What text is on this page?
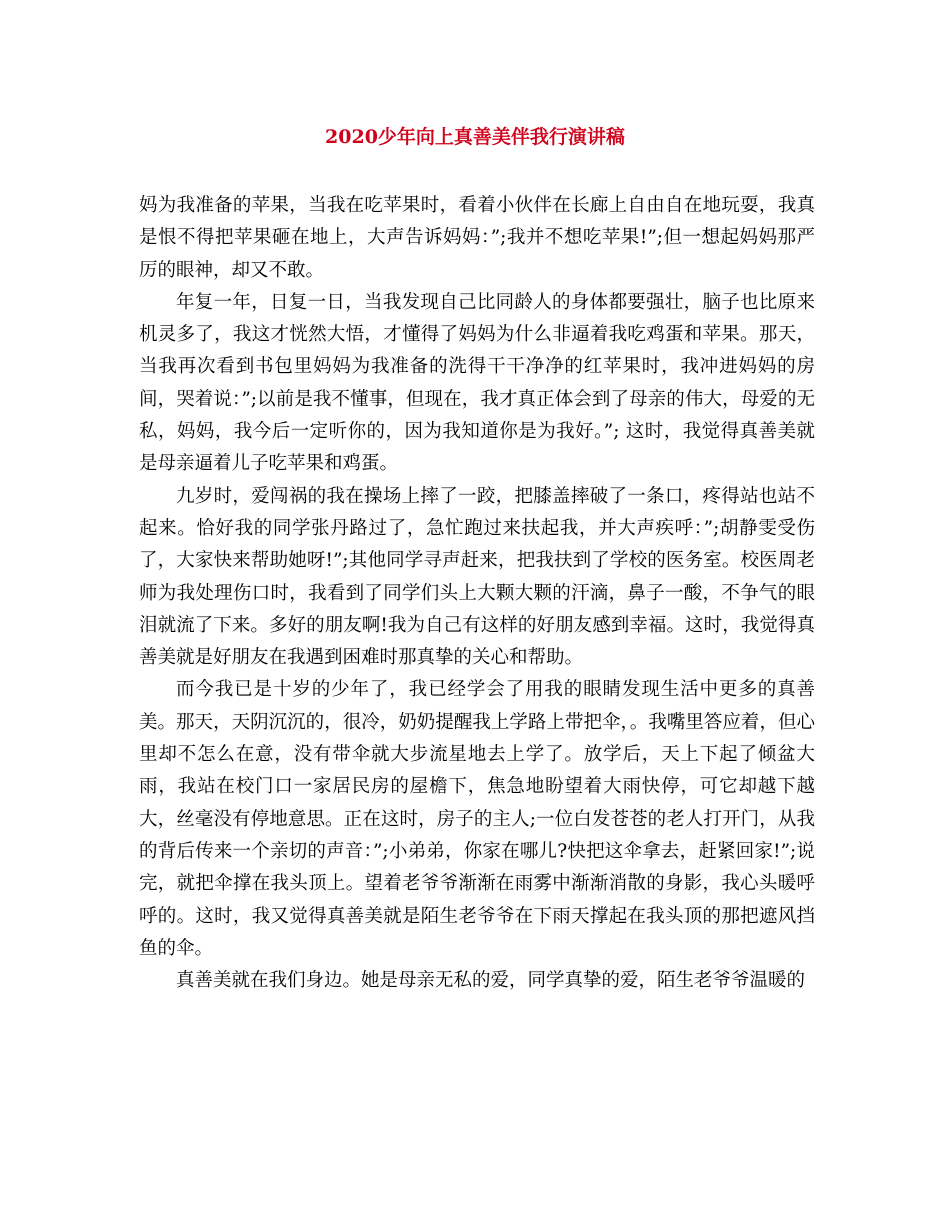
2020少年向上真善美伴我行演讲稿

妈为我准备的苹果，当我在吃苹果时，看着小伙伴在长廊上自由自在地玩耍，我真是恨不得把苹果砸在地上，大声告诉妈妈：”;我并不想吃苹果!”;但一想起妈妈那严厉的眼神，却又不敢。

年复一年，日复一日，当我发现自己比同龄人的身体都要强壮，脑子也比原来机灵多了，我这才恍然大悟，才懂得了妈妈为什么非逼着我吃鸡蛋和苹果。那天，当我再次看到书包里妈妈为我准备的洗得干干净净的红苹果时，我冲进妈妈的房间，哭着说：”;以前是我不懂事，但现在，我才真正体会到了母亲的伟大，母爱的无私，妈妈，我今后一定听你的，因为我知道你是为我好。”; 这时，我觉得真善美就是母亲逼着儿子吃苹果和鸡蛋。

九岁时，爱闯祸的我在操场上摔了一跤，把膝盖摔破了一条口，疼得站也站不起来。恰好我的同学张丹路过了，急忙跑过来扶起我，并大声疾呼：”;胡静雯受伤了，大家快来帮助她呀!”;其他同学寻声赶来，把我扶到了学校的医务室。校医周老师为我处理伤口时，我看到了同学们头上大颗大颗的汗滴，鼻子一酸，不争气的眼泪就流了下来。多好的朋友啊!我为自己有这样的好朋友感到幸福。这时，我觉得真善美就是好朋友在我遇到困难时那真挚的关心和帮助。

而今我已是十岁的少年了，我已经学会了用我的眼睛发现生活中更多的真善美。那天，天阴沉沉的，很冷，奶奶提醒我上学路上带把伞，。我嘴里答应着，但心里却不怎么在意，没有带伞就大步流星地去上学了。放学后，天上下起了倾盆大雨，我站在校门口一家居民房的屋檐下，焦急地盼望着大雨快停，可它却越下越大，丝毫没有停地意思。正在这时，房子的主人;一位白发苍苍的老人打开门，从我的背后传来一个亲切的声音：”;小弟弟，你家在哪儿?快把这伞拿去，赶紧回家!”;说完，就把伞撑在我头顶上。望着老爷爷渐渐在雨雾中渐渐消散的身影，我心头暖呼呼的。这时，我又觉得真善美就是陌生老爷爷在下雨天撑起在我头顶的那把遮风挡鱼的伞。

真善美就在我们身边。她是母亲无私的爱，同学真挚的爱，陌生老爷爷温暖的
